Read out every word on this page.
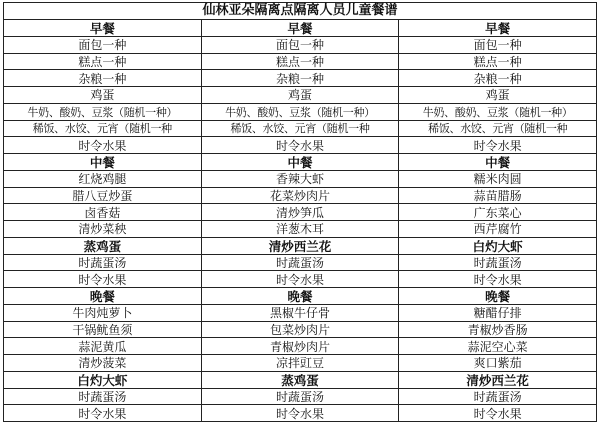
仙林亚朵隔离点隔离人员儿童餐谱
早餐
面包一种
糕点一种
杂粮一种
鸡蛋
牛奶、酸奶、豆浆（随机一种）
稀饭、水饺、元宵（随机一种
时令水果
中餐
红烧鸡腿
腊八豆炒蛋
卤香菇
清炒菜秧
蒸鸡蛋
时蔬蛋汤
时令水果
晚餐
牛肉炖萝卜
干锅鱿鱼须
蒜泥黄瓜
清炒菠菜
白灼大虾
时蔬蛋汤
时令水果
早餐
面包一种
糕点一种
杂粮一种
鸡蛋
牛奶、酸奶、豆浆（随机一种）
稀饭、水饺、元宵（随机一种
时令水果
中餐
香辣大虾
花菜炒肉片
清炒笋瓜
洋葱木耳
清炒西兰花
时蔬蛋汤
时令水果
晚餐
黑椒牛仔骨
包菜炒肉片
青椒炒肉片
凉拌豇豆
蒸鸡蛋
时蔬蛋汤
时令水果
早餐
面包一种
糕点一种
杂粮一种
鸡蛋
牛奶、酸奶、豆浆（随机一种）
稀饭、水饺、元宵（随机一种
时令水果
中餐
糯米肉圆
蒜苗腊肠
广东菜心
西芹腐竹
白灼大虾
时蔬蛋汤
时令水果
晚餐
糖醋仔排
青椒炒香肠
蒜泥空心菜
爽口紫茄
清炒西兰花
时蔬蛋汤
时令水果
